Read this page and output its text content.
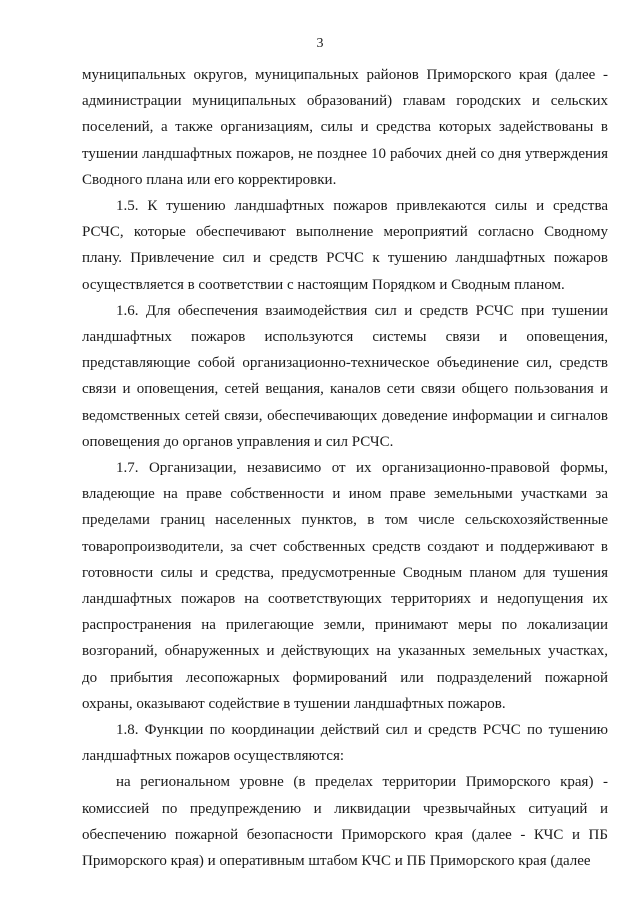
3
муниципальных округов, муниципальных районов Приморского края (далее -
администрации муниципальных образований) главам городских и сельских
поселений, а также организациям, силы и средства которых задействованы в
тушении ландшафтных пожаров, не позднее 10 рабочих дней со дня утверждения
Сводного плана или его корректировки.
1.5. К тушению ландшафтных пожаров привлекаются силы и средства
РСЧС, которые обеспечивают выполнение мероприятий согласно Сводному
плану. Привлечение сил и средств РСЧС к тушению ландшафтных пожаров
осуществляется в соответствии с настоящим Порядком и Сводным планом.
1.6. Для обеспечения взаимодействия сил и средств РСЧС при тушении
ландшафтных пожаров используются системы связи и оповещения,
представляющие собой организационно-техническое объединение сил, средств
связи и оповещения, сетей вещания, каналов сети связи общего пользования и
ведомственных сетей связи, обеспечивающих доведение информации и сигналов
оповещения до органов управления и сил РСЧС.
1.7. Организации, независимо от их организационно-правовой формы,
владеющие на праве собственности и ином праве земельными участками за
пределами границ населенных пунктов, в том числе сельскохозяйственные
товаропроизводители, за счет собственных средств создают и поддерживают в
готовности силы и средства, предусмотренные Сводным планом для тушения
ландшафтных пожаров на соответствующих территориях и недопущения их
распространения на прилегающие земли, принимают меры по локализации
возгораний, обнаруженных и действующих на указанных земельных участках,
до прибытия лесопожарных формирований или подразделений пожарной
охраны, оказывают содействие в тушении ландшафтных пожаров.
1.8. Функции по координации действий сил и средств РСЧС по тушению
ландшафтных пожаров осуществляются:
на региональном уровне (в пределах территории Приморского края) -
комиссией по предупреждению и ликвидации чрезвычайных ситуаций и
обеспечению пожарной безопасности Приморского края (далее - КЧС и ПБ
Приморского края) и оперативным штабом КЧС и ПБ Приморского края (далее
